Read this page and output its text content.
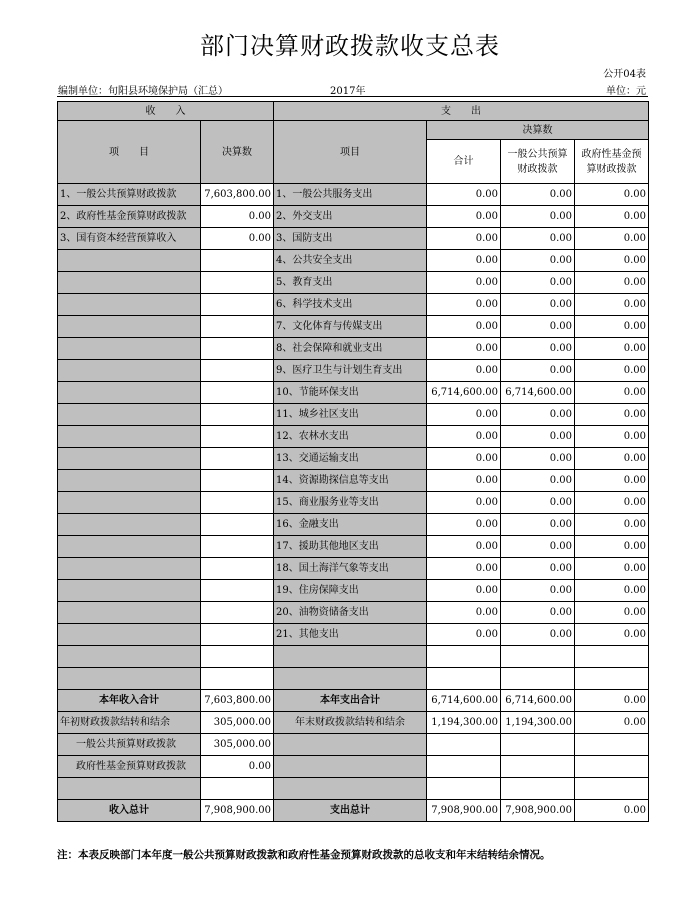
部门决算财政拨款收支总表
公开04表
编制单位：旬阳县环境保护局（汇总）	2017年	单位：元
收　　入		支　　出			
项　　目	决算数	项目	决算数		
			合计	一般公共预算财政拨款	政府性基金预算财政拨款

1、一般公共预算财政拨款	7,603,800.00	1、一般公共服务支出	0.00	0.00	0.00
2、政府性基金预算财政拨款	0.00	2、外交支出	0.00	0.00	0.00
3、国有资本经营预算收入	0.00	3、国防支出	0.00	0.00	0.00
		4、公共安全支出	0.00	0.00	0.00
		5、教育支出	0.00	0.00	0.00
		6、科学技术支出	0.00	0.00	0.00
		7、文化体育与传媒支出	0.00	0.00	0.00
		8、社会保障和就业支出	0.00	0.00	0.00
		9、医疗卫生与计划生育支出	0.00	0.00	0.00
		10、节能环保支出	6,714,600.00	6,714,600.00	0.00
		11、城乡社区支出	0.00	0.00	0.00
		12、农林水支出	0.00	0.00	0.00
		13、交通运输支出	0.00	0.00	0.00
		14、资源勘探信息等支出	0.00	0.00	0.00
		15、商业服务业等支出	0.00	0.00	0.00
		16、金融支出	0.00	0.00	0.00
		17、援助其他地区支出	0.00	0.00	0.00
		18、国土海洋气象等支出	0.00	0.00	0.00
		19、住房保障支出	0.00	0.00	0.00
		20、油物资储备支出	0.00	0.00	0.00
		21、其他支出	0.00	0.00	0.00

本年收入合计	7,603,800.00	本年支出合计	6,714,600.00	6,714,600.00	0.00
年初财政拨款结转和结余	305,000.00	年末财政拨款结转和结余	1,194,300.00	1,194,300.00	0.00
一般公共预算财政拨款	305,000.00				
政府性基金预算财政拨款	0.00				

收入总计	7,908,900.00	支出总计	7,908,900.00	7,908,900.00	0.00
注：本表反映部门本年度一般公共预算财政拨款和政府性基金预算财政拨款的总收支和年末结转结余情况。
